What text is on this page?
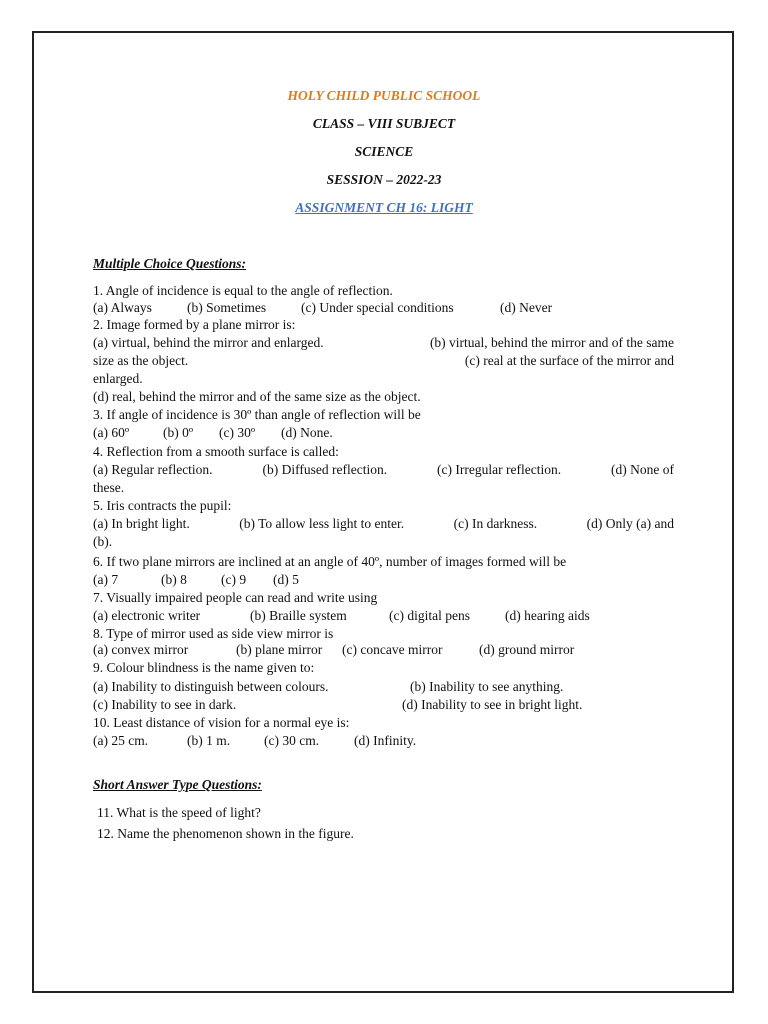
HOLY CHILD PUBLIC SCHOOL
CLASS – VIII SUBJECT
SCIENCE
SESSION – 2022-23
ASSIGNMENT CH 16: LIGHT
Multiple Choice Questions:
1. Angle of incidence is equal to the angle of reflection.
(a) Always	(b) Sometimes	(c) Under special conditions	(d) Never
2. Image formed by a plane mirror is:
(a) virtual, behind the mirror and enlarged.	(b) virtual, behind the mirror and of the same
size as the object.	(c) real at the surface of the mirror and
enlarged.
(d) real, behind the mirror and of the same size as the object.
3. If angle of incidence is 30º than angle of reflection will be
(a) 60º	(b) 0º (c) 30º (d) None.
4. Reflection from a smooth surface is called:
(a) Regular reflection.	(b) Diffused reflection.	(c) Irregular reflection.	(d) None of
these.
5. Iris contracts the pupil:
(a) In bright light.	(b) To allow less light to enter.	(c) In darkness.	(d) Only (a) and
(b).
6. If two plane mirrors are inclined at an angle of 40º, number of images formed will be
(a) 7	(b) 8	(c) 9 (d) 5
7. Visually impaired people can read and write using
(a) electronic writer	(b) Braille system	(c) digital pens	(d) hearing aids
8. Type of mirror used as side view mirror is
(a) convex mirror	(b) plane mirror (c) concave mirror	(d) ground mirror
9. Colour blindness is the name given to:
(a) Inability to distinguish between colours.	(b) Inability to see anything.
(c) Inability to see in dark.	(d) Inability to see in bright light.
10. Least distance of vision for a normal eye is:
(a) 25 cm.	(b) 1 m.	(c) 30 cm.	(d) Infinity.
Short Answer Type Questions:
11. What is the speed of light?
12. Name the phenomenon shown in the figure.
